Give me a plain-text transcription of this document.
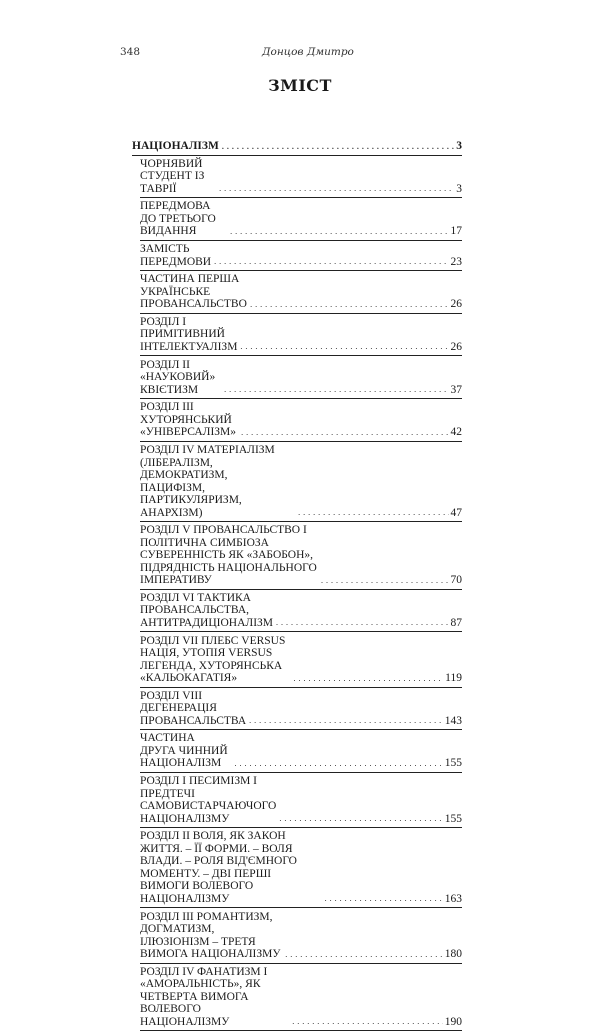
348	Донцов Дмитро
ЗМІСТ
НАЦІОНАЛІЗМ . . .	3
ЧОРНЯВИЙ СТУДЕНТ ІЗ ТАВРІЇ . . .	3
ПЕРЕДМОВА ДО ТРЕТЬОГО ВИДАННЯ . . .	17
ЗАМІСТЬ ПЕРЕДМОВИ . . .	23
ЧАСТИНА ПЕРША УКРАЇНСЬКЕ ПРОВАНСАЛЬСТВО . . .	26
РОЗДІЛ І ПРИМІТИВНИЙ ІНТЕЛЕКТУАЛІЗМ . . .	26
РОЗДІЛ ІІ «НАУКОВИЙ» КВІЄТИЗМ . . .	37
РОЗДІЛ ІІІ ХУТОРЯНСЬКИЙ «УНІВЕРСАЛІЗМ» . . .	42
РОЗДІЛ IV МАТЕРІАЛІЗМ (ЛІБЕРАЛІЗМ, ДЕМОКРАТИЗМ, ПАЦИФІЗМ, ПАРТИКУЛЯРИЗМ, АНАРХІЗМ) . . .	47
РОЗДІЛ V ПРОВАНСАЛЬСТВО І ПОЛІТИЧНА СИМБІОЗА СУВЕРЕННІСТЬ ЯК «ЗАБОБОН», ПІДРЯДНІСТЬ НАЦІОНАЛЬНОГО ІМПЕРАТИВУ . . .	70
РОЗДІЛ VI ТАКТИКА ПРОВАНСАЛЬСТВА, АНТИТРАДИЦІОНАЛІЗМ . . .	87
РОЗДІЛ VII ПЛЕБС VERSUS НАЦІЯ, УТОПІЯ VERSUS ЛЕГЕНДА, ХУТОРЯНСЬКА «КАЛЬОКАГАТІЯ» . . .	119
РОЗДІЛ VIII ДЕГЕНЕРАЦІЯ ПРОВАНСАЛЬСТВА . . .	143
ЧАСТИНА ДРУГА ЧИННИЙ НАЦІОНАЛІЗМ . . .	155
РОЗДІЛ І ПЕСИМІЗМ І ПРЕДТЕЧІ САМОВИСТАРЧАЮЧОГО НАЦІОНАЛІЗМУ . . .	155
РОЗДІЛ ІІ ВОЛЯ, ЯК ЗАКОН ЖИТТЯ. – ЇЇ ФОРМИ. – ВОЛЯ ВЛАДИ. – РОЛЯ ВІД'ЄМНОГО МОМЕНТУ. – ДВІ ПЕРШІ ВИМОГИ ВОЛЕВОГО НАЦІОНАЛІЗМУ . . .	163
РОЗДІЛ ІІІ РОМАНТИЗМ, ДОГМАТИЗМ, ІЛЮЗІОНІЗМ – ТРЕТЯ ВИМОГА НАЦІОНАЛІЗМУ . . .	180
РОЗДІЛ IV ФАНАТИЗМ І «АМОРАЛЬНІСТЬ», ЯК ЧЕТВЕРТА ВИМОГА ВОЛЕВОГО НАЦІОНАЛІЗМУ . . .	190
